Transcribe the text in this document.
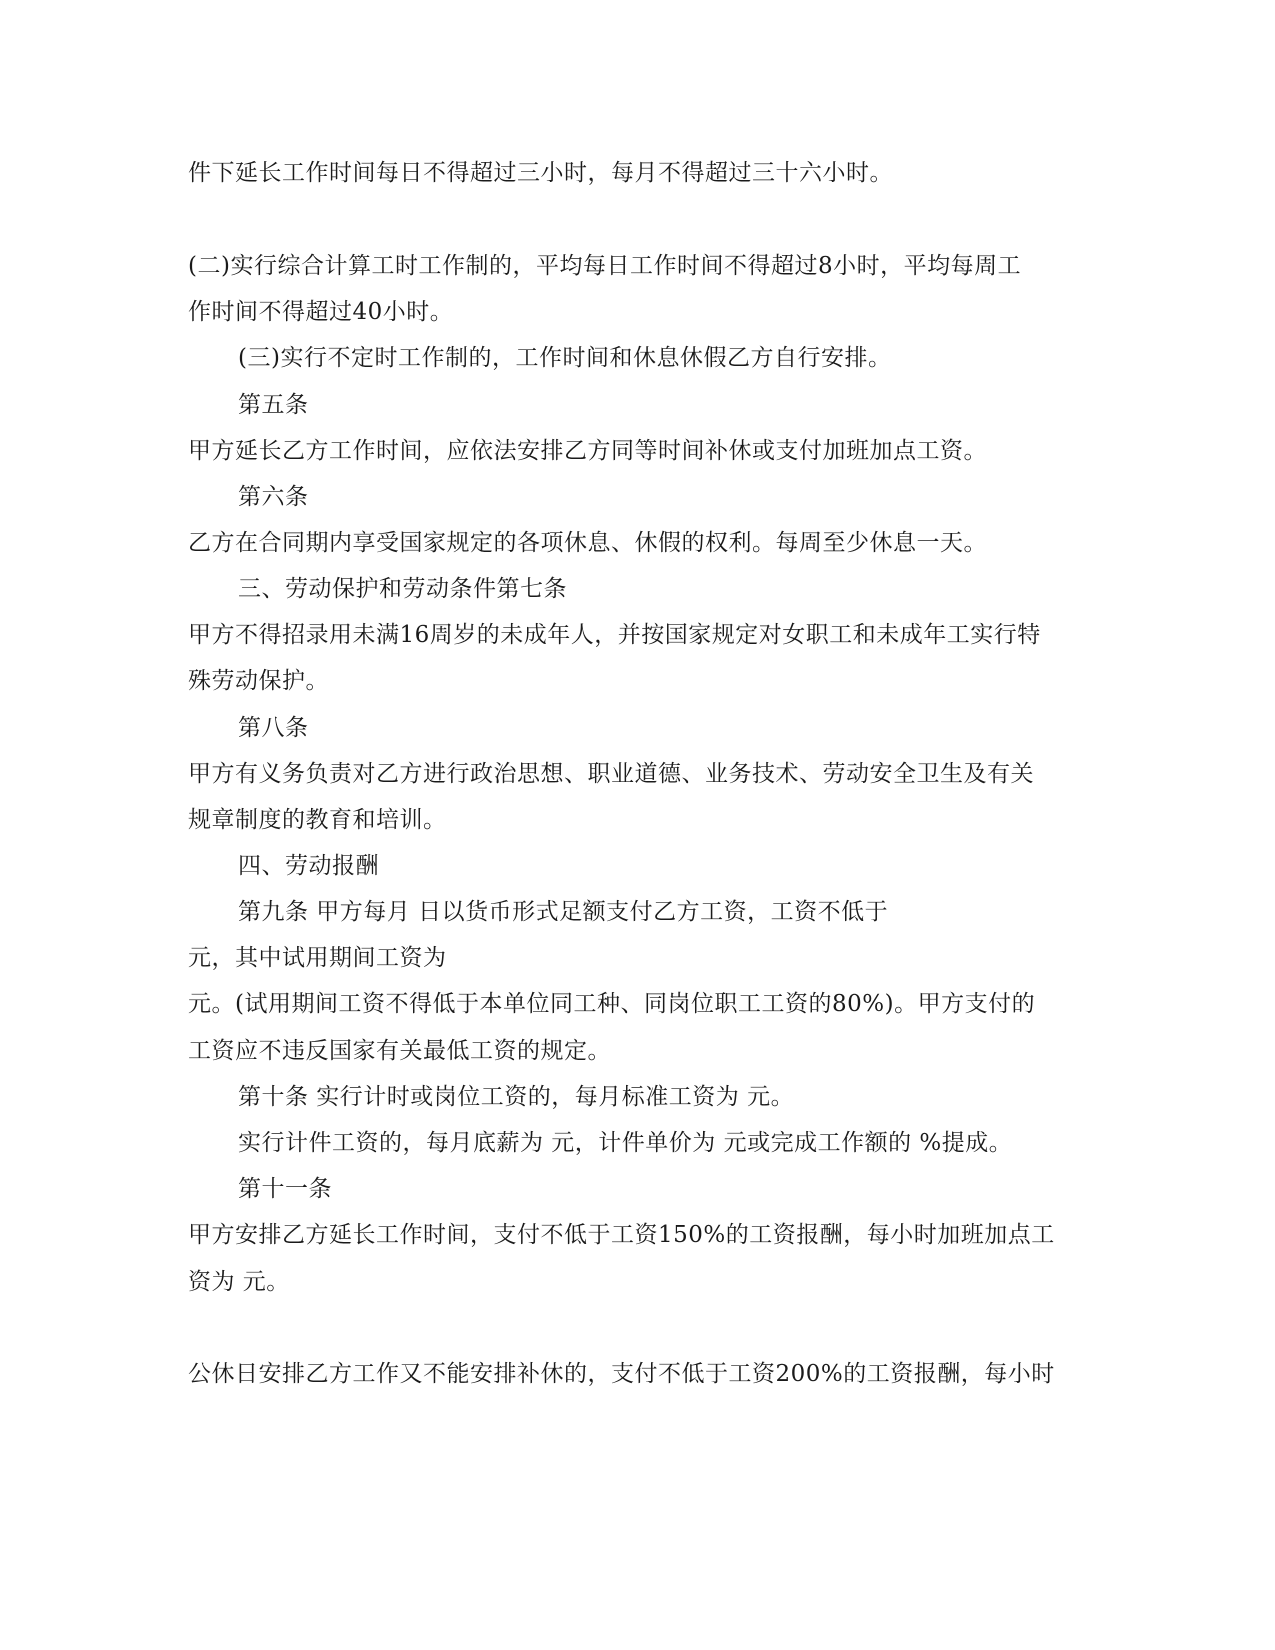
件下延长工作时间每日不得超过三小时，每月不得超过三十六小时。
(二)实行综合计算工时工作制的，平均每日工作时间不得超过8小时，平均每周工
作时间不得超过40小时。
(三)实行不定时工作制的，工作时间和休息休假乙方自行安排。
第五条
甲方延长乙方工作时间，应依法安排乙方同等时间补休或支付加班加点工资。
第六条
乙方在合同期内享受国家规定的各项休息、休假的权利。每周至少休息一天。
三、劳动保护和劳动条件第七条
甲方不得招录用未满16周岁的未成年人，并按国家规定对女职工和未成年工实行特
殊劳动保护。
第八条
甲方有义务负责对乙方进行政治思想、职业道德、业务技术、劳动安全卫生及有关
规章制度的教育和培训。
四、劳动报酬
第九条 甲方每月 日以货币形式足额支付乙方工资，工资不低于
元，其中试用期间工资为
元。(试用期间工资不得低于本单位同工种、同岗位职工工资的80%)。甲方支付的
工资应不违反国家有关最低工资的规定。
第十条 实行计时或岗位工资的，每月标准工资为 元。
实行计件工资的，每月底薪为 元，计件单价为 元或完成工作额的 %提成。
第十一条
甲方安排乙方延长工作时间，支付不低于工资150%的工资报酬，每小时加班加点工
资为 元。
公休日安排乙方工作又不能安排补休的，支付不低于工资200%的工资报酬，每小时
